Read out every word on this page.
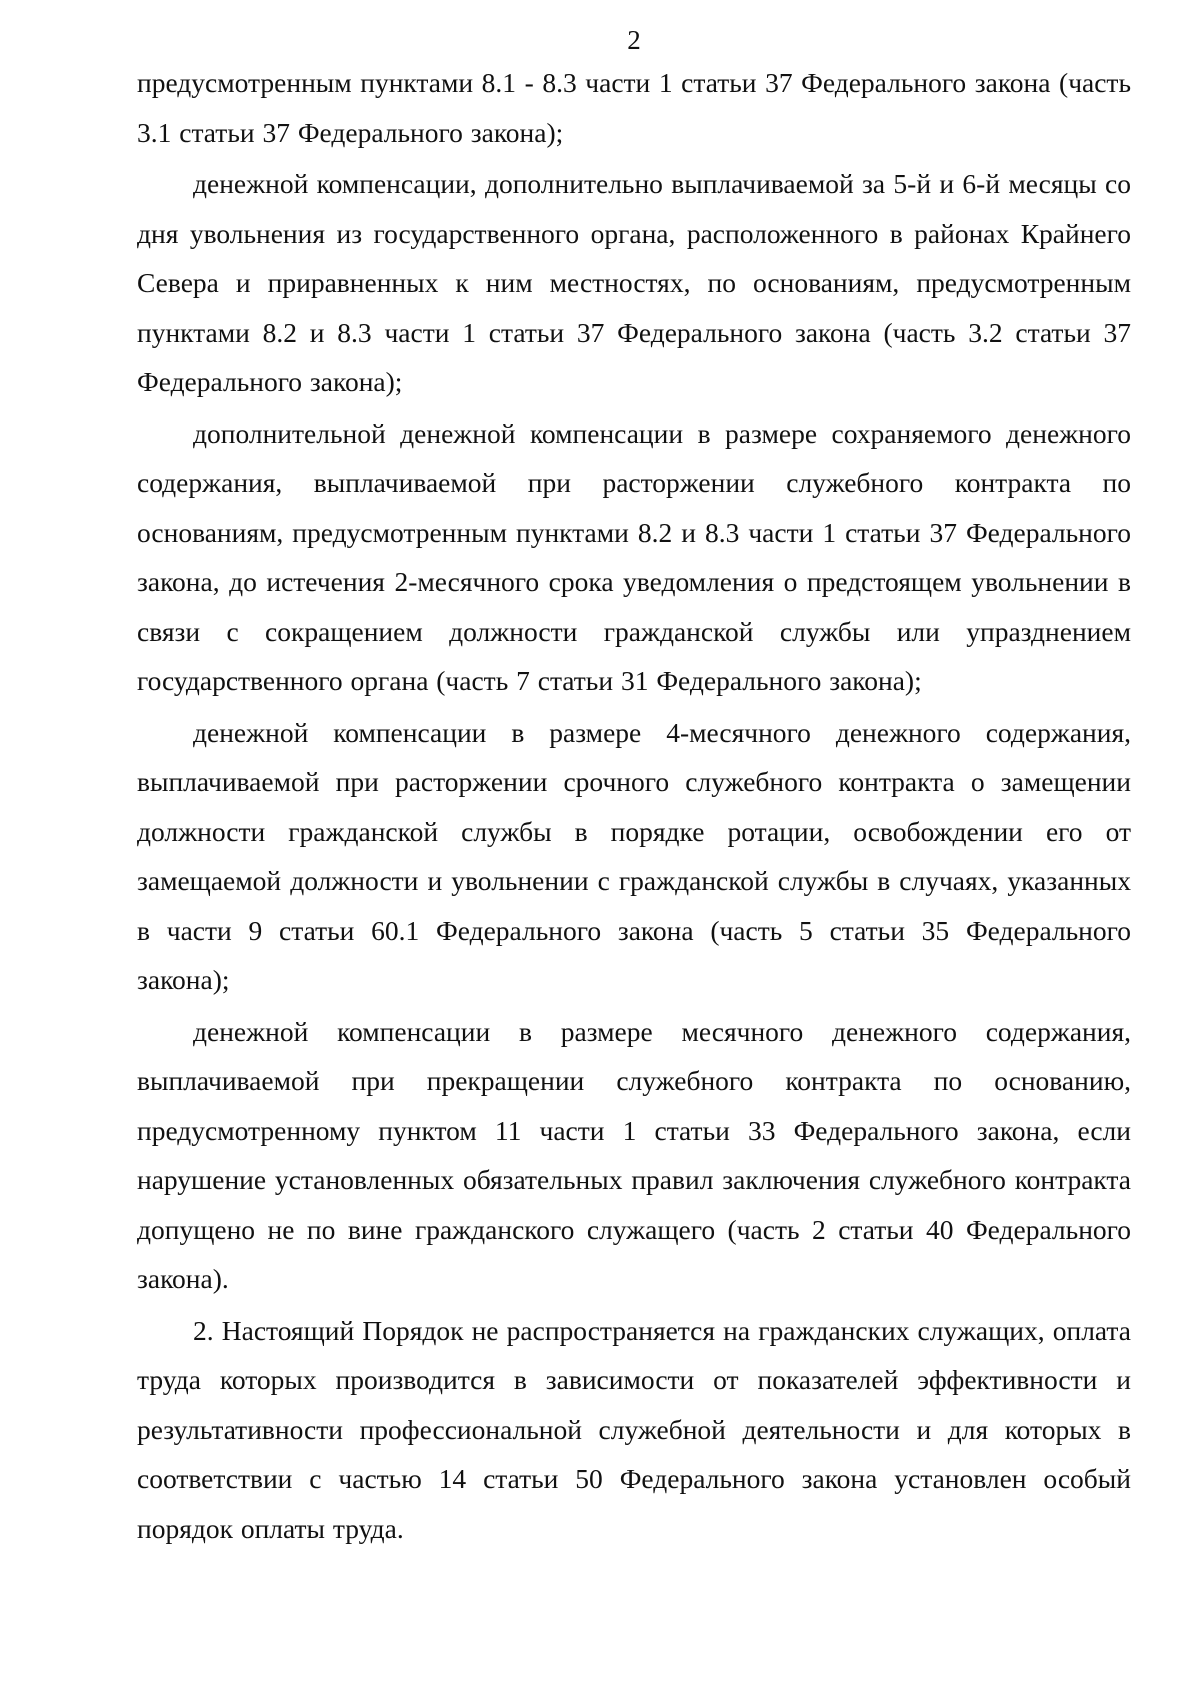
2

предусмотренным пунктами 8.1 - 8.3 части 1 статьи 37 Федерального закона (часть 3.1 статьи 37 Федерального закона);

денежной компенсации, дополнительно выплачиваемой за 5-й и 6-й месяцы со дня увольнения из государственного органа, расположенного в районах Крайнего Севера и приравненных к ним местностях, по основаниям, предусмотренным пунктами 8.2 и 8.3 части 1 статьи 37 Федерального закона (часть 3.2 статьи 37 Федерального закона);

дополнительной денежной компенсации в размере сохраняемого денежного содержания, выплачиваемой при расторжении служебного контракта по основаниям, предусмотренным пунктами 8.2 и 8.3 части 1 статьи 37 Федерального закона, до истечения 2-месячного срока уведомления о предстоящем увольнении в связи с сокращением должности гражданской службы или упразднением государственного органа (часть 7 статьи 31 Федерального закона);

денежной компенсации в размере 4-месячного денежного содержания, выплачиваемой при расторжении срочного служебного контракта о замещении должности гражданской службы в порядке ротации, освобождении его от замещаемой должности и увольнении с гражданской службы в случаях, указанных в части 9 статьи 60.1 Федерального закона (часть 5 статьи 35 Федерального закона);

денежной компенсации в размере месячного денежного содержания, выплачиваемой при прекращении служебного контракта по основанию, предусмотренному пунктом 11 части 1 статьи 33 Федерального закона, если нарушение установленных обязательных правил заключения служебного контракта допущено не по вине гражданского служащего (часть 2 статьи 40 Федерального закона).

2. Настоящий Порядок не распространяется на гражданских служащих, оплата труда которых производится в зависимости от показателей эффективности и результативности профессиональной служебной деятельности и для которых в соответствии с частью 14 статьи 50 Федерального закона установлен особый порядок оплаты труда.
